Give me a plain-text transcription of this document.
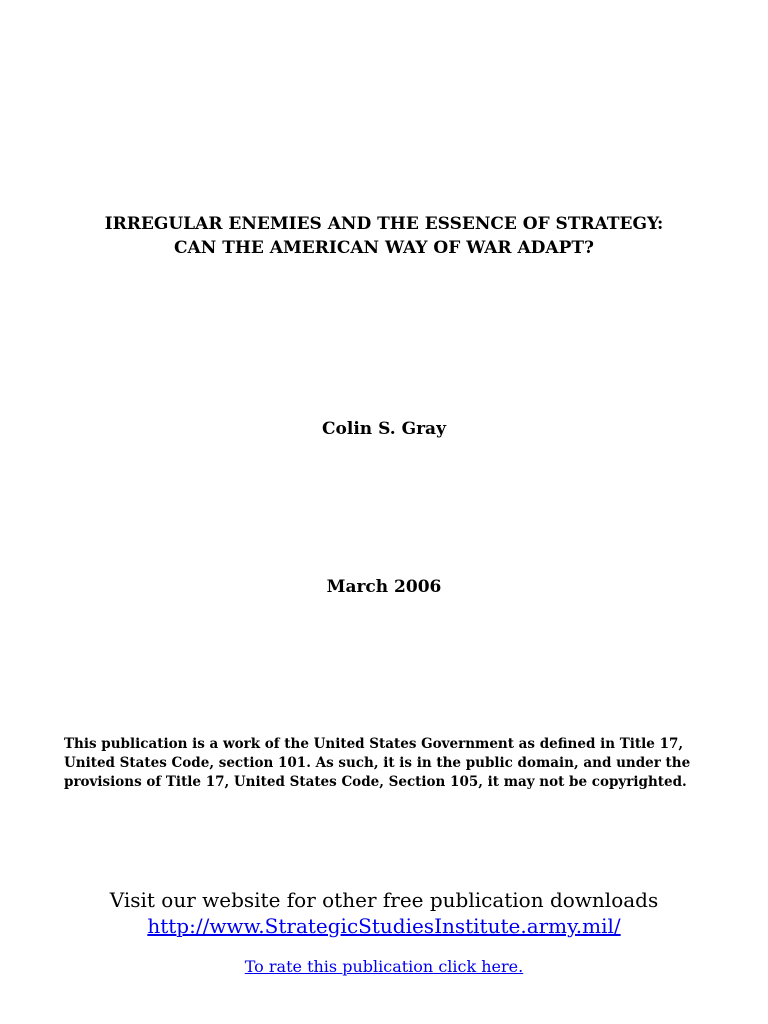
IRREGULAR ENEMIES AND THE ESSENCE OF STRATEGY:
CAN THE AMERICAN WAY OF WAR ADAPT?
Colin S. Gray
March 2006
This publication is a work of the United States Government as defined in Title 17,
United States Code, section 101. As such, it is in the public domain, and under the
provisions of Title 17, United States Code, Section 105, it may not be copyrighted.
Visit our website for other free publication downloads
http://www.StrategicStudiesInstitute.army.mil/
To rate this publication click here.
